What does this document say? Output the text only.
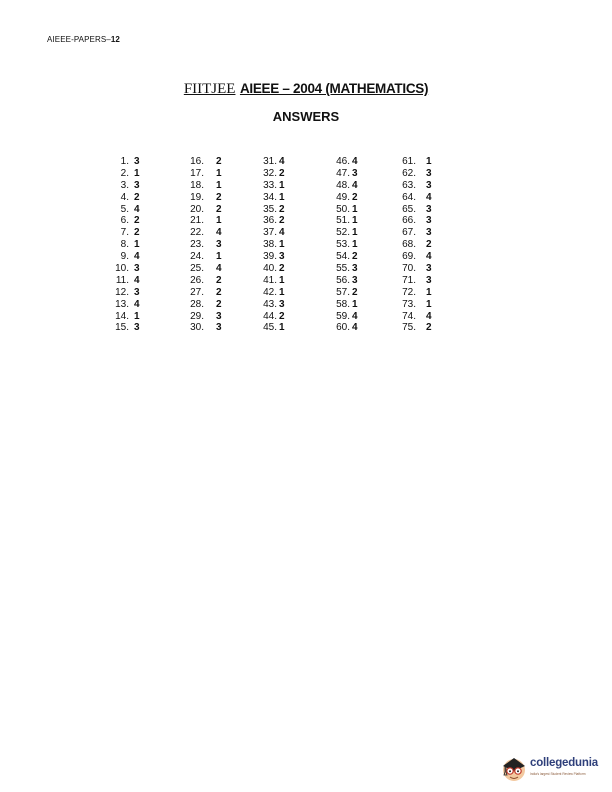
AIEEE-PAPERS–12
FIITJEE AIEEE – 2004 (MATHEMATICS)
ANSWERS
1. 3
2. 1
3. 3
4. 2
5. 4
6. 2
7. 2
8. 1
9. 4
10. 3
11. 4
12. 3
13. 4
14. 1
15. 3
16. 2
17. 1
18. 1
19. 2
20. 2
21. 1
22. 4
23. 3
24. 1
25. 4
26. 2
27. 2
28. 2
29. 3
30. 3
31. 4
32. 2
33. 1
34. 1
35. 2
36. 2
37. 4
38. 1
39. 3
40. 2
41. 1
42. 1
43. 3
44. 2
45. 1
46. 4
47. 3
48. 4
49. 2
50. 1
51. 1
52. 1
53. 1
54. 2
55. 3
56. 3
57. 2
58. 1
59. 4
60. 4
61. 1
62. 3
63. 3
64. 4
65. 3
66. 3
67. 3
68. 2
69. 4
70. 3
71. 3
72. 1
73. 1
74. 4
75. 2
collegedunia
India's largest Student Review Platform
